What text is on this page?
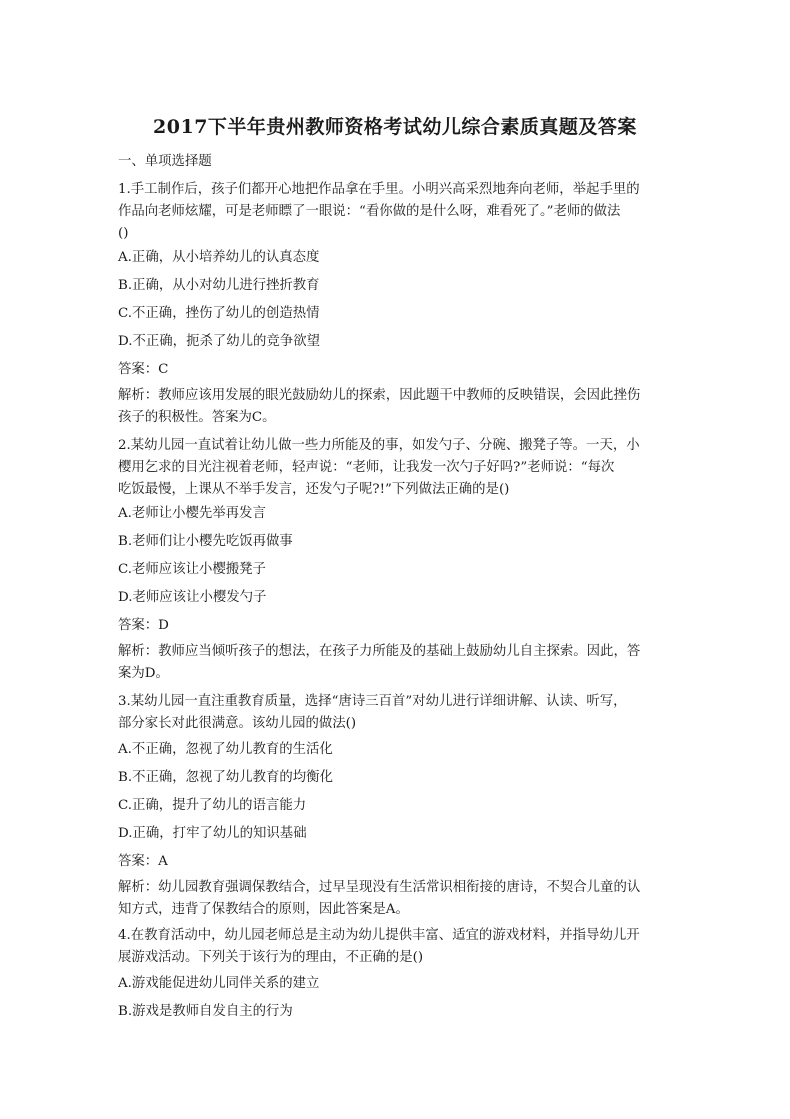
2017下半年贵州教师资格考试幼儿综合素质真题及答案
一、单项选择题
1.手工制作后，孩子们都开心地把作品拿在手里。小明兴高采烈地奔向老师，举起手里的
作品向老师炫耀，可是老师瞟了一眼说：“看你做的是什么呀，难看死了。”老师的做法
()
A.正确，从小培养幼儿的认真态度
B.正确，从小对幼儿进行挫折教育
C.不正确，挫伤了幼儿的创造热情
D.不正确，扼杀了幼儿的竞争欲望
答案：C
解析：教师应该用发展的眼光鼓励幼儿的探索，因此题干中教师的反映错误，会因此挫伤
孩子的积极性。答案为C。
2.某幼儿园一直试着让幼儿做一些力所能及的事，如发勺子、分碗、搬凳子等。一天，小
樱用乞求的目光注视着老师，轻声说：“老师，让我发一次勺子好吗?”老师说：“每次
吃饭最慢，上课从不举手发言，还发勺子呢?!”下列做法正确的是()
A.老师让小樱先举再发言
B.老师们让小樱先吃饭再做事
C.老师应该让小樱搬凳子
D.老师应该让小樱发勺子
答案：D
解析：教师应当倾听孩子的想法，在孩子力所能及的基础上鼓励幼儿自主探索。因此，答
案为D。
3.某幼儿园一直注重教育质量，选择“唐诗三百首”对幼儿进行详细讲解、认读、听写，
部分家长对此很满意。该幼儿园的做法()
A.不正确，忽视了幼儿教育的生活化
B.不正确，忽视了幼儿教育的均衡化
C.正确，提升了幼儿的语言能力
D.正确，打牢了幼儿的知识基础
答案：A
解析：幼儿园教育强调保教结合，过早呈现没有生活常识相衔接的唐诗，不契合儿童的认
知方式，违背了保教结合的原则，因此答案是A。
4.在教育活动中，幼儿园老师总是主动为幼儿提供丰富、适宜的游戏材料，并指导幼儿开
展游戏活动。下列关于该行为的理由，不正确的是()
A.游戏能促进幼儿同伴关系的建立
B.游戏是教师自发自主的行为
